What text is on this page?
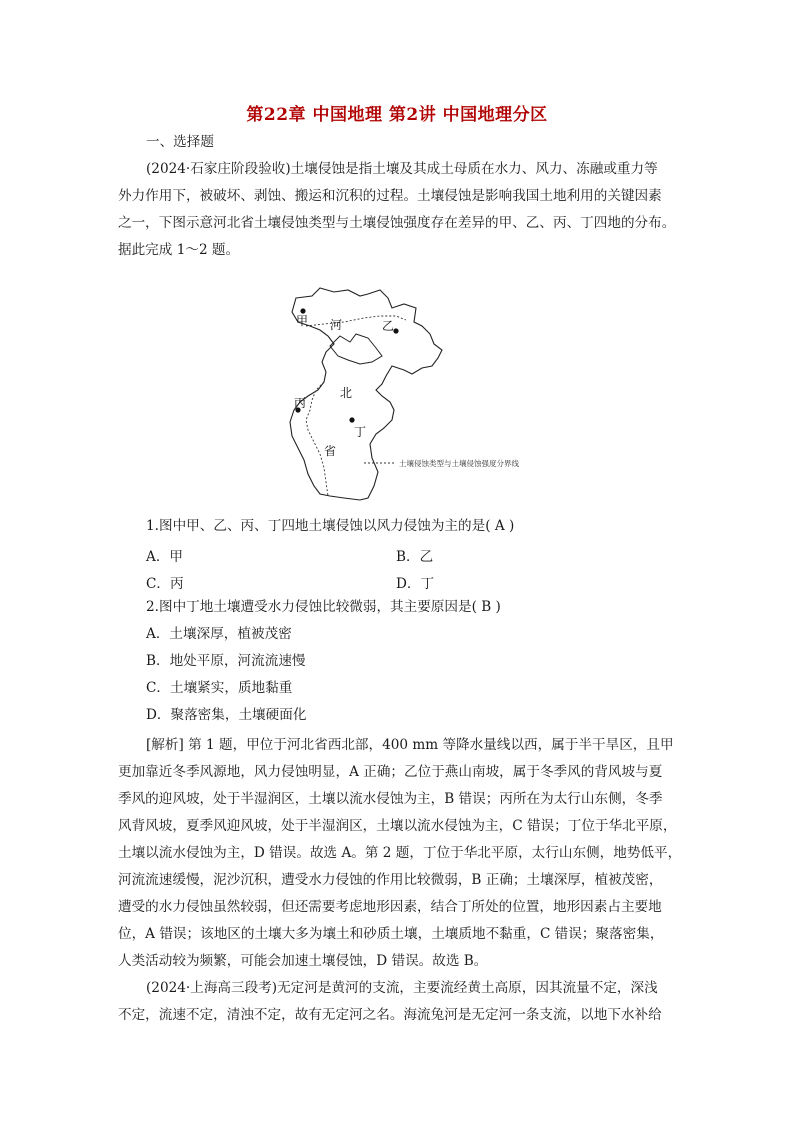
第22章 中国地理 第2讲 中国地理分区
一、选择题
(2024·石家庄阶段验收)土壤侵蚀是指土壤及其成土母质在水力、风力、冻融或重力等
外力作用下，被破坏、剥蚀、搬运和沉积的过程。土壤侵蚀是影响我国土地利用的关键因素
之一，下图示意河北省土壤侵蚀类型与土壤侵蚀强度存在差异的甲、乙、丙、丁四地的分布。
据此完成 1～2 题。
甲 河	乙
北
丙
丁
省
土壤侵蚀类型与土壤侵蚀强度分界线
1.图中甲、乙、丙、丁四地土壤侵蚀以风力侵蚀为主的是( A )
A．甲	B．乙
C．丙	D．丁
2.图中丁地土壤遭受水力侵蚀比较微弱，其主要原因是( B )
A．土壤深厚，植被茂密
B．地处平原，河流流速慢
C．土壤紧实，质地黏重
D．聚落密集，土壤硬面化
[解析] 第 1 题，甲位于河北省西北部，400 mm 等降水量线以西，属于半干旱区，且甲
更加靠近冬季风源地，风力侵蚀明显，A 正确；乙位于燕山南坡，属于冬季风的背风坡与夏
季风的迎风坡，处于半湿润区，土壤以流水侵蚀为主，B 错误；丙所在为太行山东侧，冬季
风背风坡，夏季风迎风坡，处于半湿润区，土壤以流水侵蚀为主，C 错误；丁位于华北平原，
土壤以流水侵蚀为主，D 错误。故选 A。第 2 题，丁位于华北平原，太行山东侧，地势低平，
河流流速缓慢，泥沙沉积，遭受水力侵蚀的作用比较微弱，B 正确；土壤深厚，植被茂密，
遭受的水力侵蚀虽然较弱，但还需要考虑地形因素，结合丁所处的位置，地形因素占主要地
位，A 错误；该地区的土壤大多为壤土和砂质土壤，土壤质地不黏重，C 错误；聚落密集，
人类活动较为频繁，可能会加速土壤侵蚀，D 错误。故选 B。
(2024·上海高三段考)无定河是黄河的支流，主要流经黄土高原，因其流量不定，深浅
不定，流速不定，清浊不定，故有无定河之名。海流兔河是无定河一条支流，以地下水补给
